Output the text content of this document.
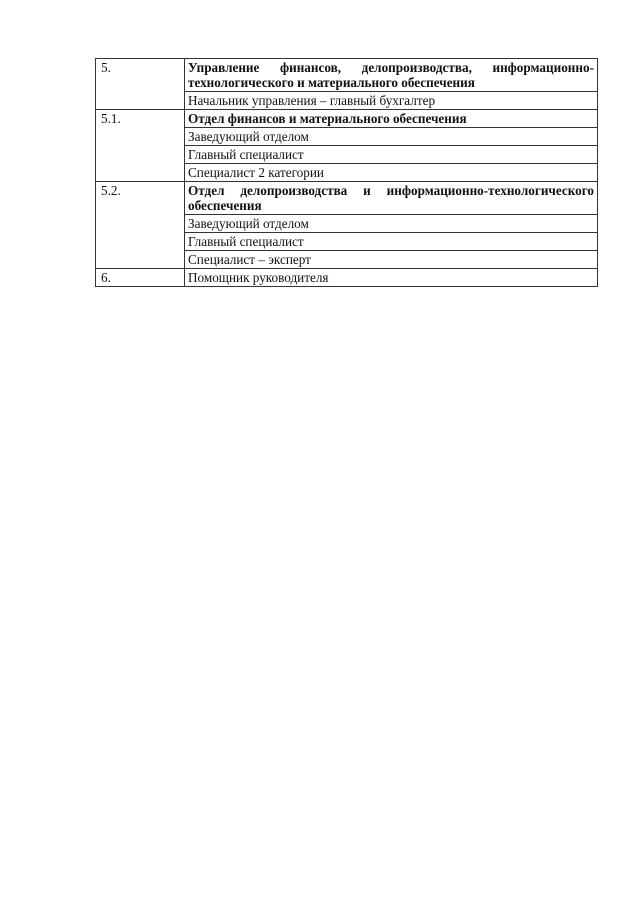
5.	Управление финансов, делопроизводства, информационно-технологического и материального обеспечения
	Начальник управления – главный бухгалтер
5.1.	Отдел финансов и материального обеспечения
	Заведующий отделом
	Главный специалист
	Специалист 2 категории
5.2.	Отдел делопроизводства и информационно-технологического обеспечения
	Заведующий отделом
	Главный специалист
	Специалист – эксперт
6.	Помощник руководителя
